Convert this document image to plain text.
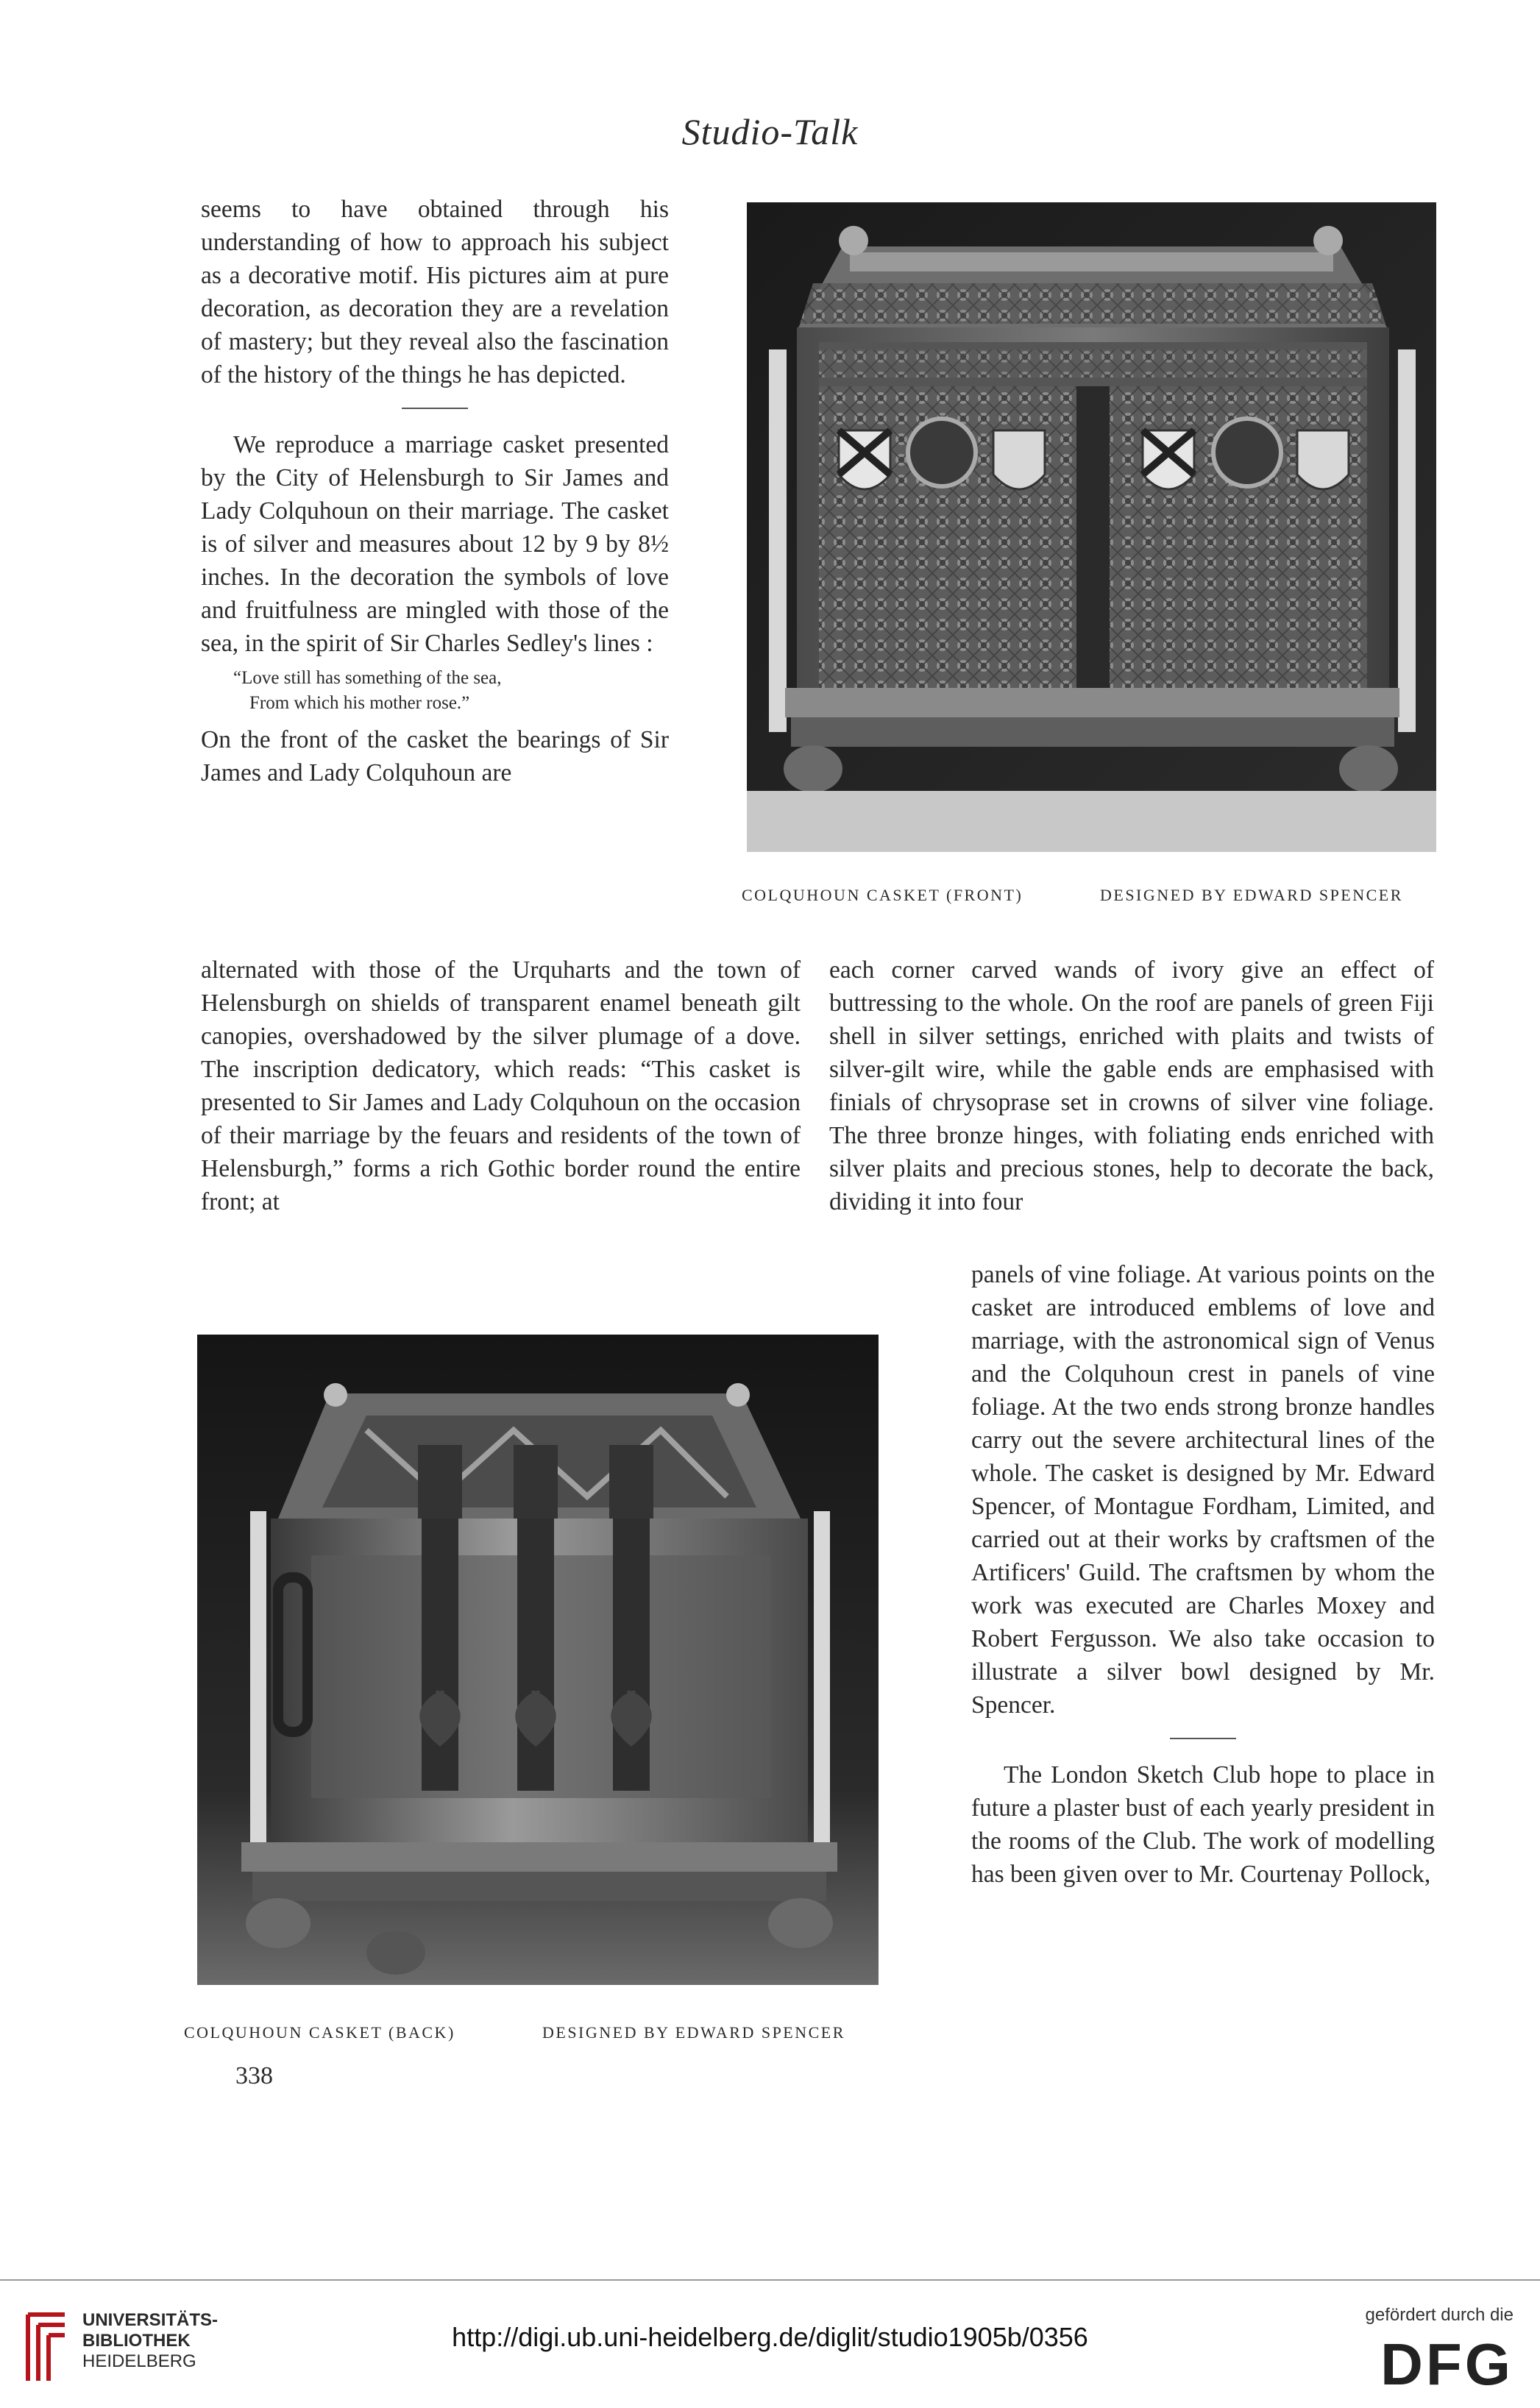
Studio-Talk

seems to have obtained through his understanding of how to approach his subject as a decorative motif. His pictures aim at pure decoration, as decoration they are a revelation of mastery; but they reveal also the fascination of the history of the things he has depicted.

We reproduce a marriage casket presented by the City of Helensburgh to Sir James and Lady Colquhoun on their marriage. The casket is of silver and measures about 12 by 9 by 8½ inches. In the decoration the symbols of love and fruitfulness are mingled with those of the sea, in the spirit of Sir Charles Sedley's lines :

“Love still has something of the sea,
From which his mother rose.”

On the front of the casket the bearings of Sir James and Lady Colquhoun are

COLQUHOUN CASKET (FRONT)	DESIGNED BY EDWARD SPENCER

alternated with those of the Urquharts and the town of Helensburgh on shields of transparent enamel beneath gilt canopies, overshadowed by the silver plumage of a dove. The inscription dedicatory, which reads: “This casket is presented to Sir James and Lady Colquhoun on the occasion of their marriage by the feuars and residents of the town of Helensburgh,” forms a rich Gothic border round the entire front; at

each corner carved wands of ivory give an effect of buttressing to the whole. On the roof are panels of green Fiji shell in silver settings, enriched with plaits and twists of silver-gilt wire, while the gable ends are emphasised with finials of chrysoprase set in crowns of silver vine foliage. The three bronze hinges, with foliating ends enriched with silver plaits and precious stones, help to decorate the back, dividing it into four

COLQUHOUN CASKET (BACK)	DESIGNED BY EDWARD SPENCER

panels of vine foliage. At various points on the casket are introduced emblems of love and marriage, with the astronomical sign of Venus and the Colquhoun crest in panels of vine foliage. At the two ends strong bronze handles carry out the severe architectural lines of the whole. The casket is designed by Mr. Edward Spencer, of Montague Fordham, Limited, and carried out at their works by craftsmen of the Artificers' Guild. The craftsmen by whom the work was executed are Charles Moxey and Robert Fergusson. We also take occasion to illustrate a silver bowl designed by Mr. Spencer.

The London Sketch Club hope to place in future a plaster bust of each yearly president in the rooms of the Club. The work of modelling has been given over to Mr. Courtenay Pollock,

338
UNIVERSITÄTS-
BIBLIOTHEK
HEIDELBERG
http://digi.ub.uni-heidelberg.de/diglit/studio1905b/0356
gefördert durch die
DFG
